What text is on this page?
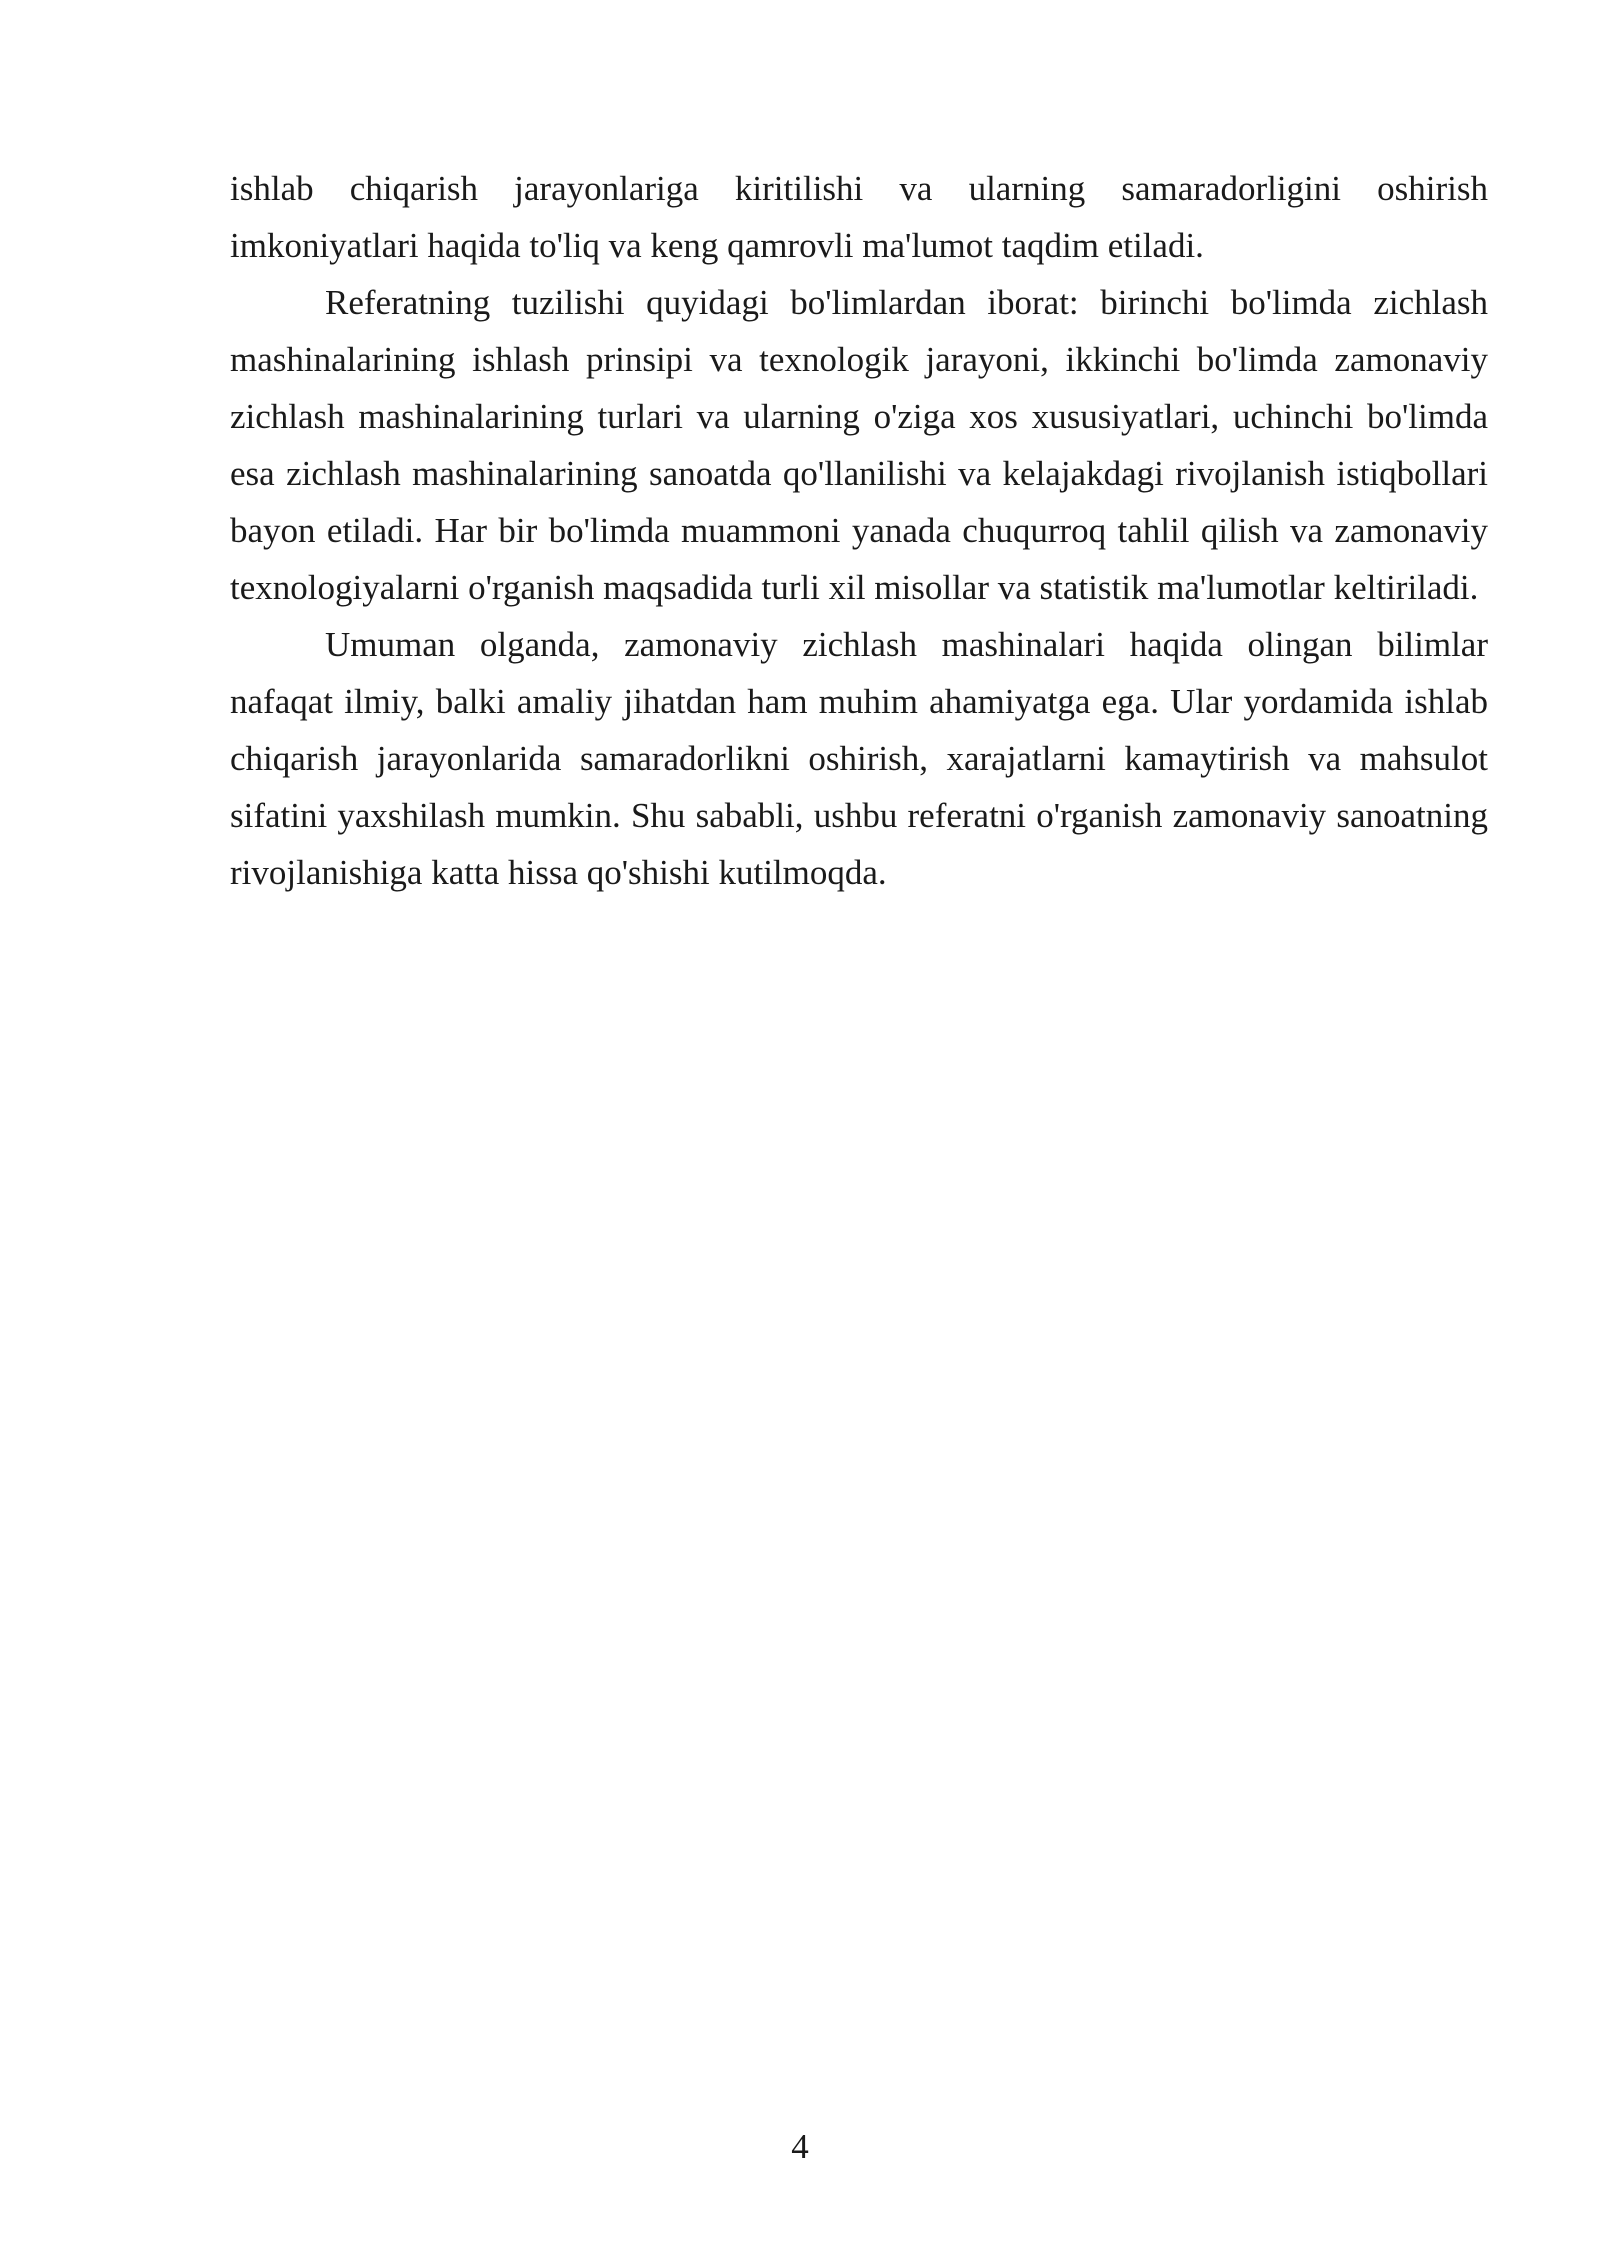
ishlab chiqarish jarayonlariga kiritilishi va ularning samaradorligini oshirish imkoniyatlari haqida to'liq va keng qamrovli ma'lumot taqdim etiladi.

Referatning tuzilishi quyidagi bo'limlardan iborat: birinchi bo'limda zichlash mashinalarining ishlash prinsipi va texnologik jarayoni, ikkinchi bo'limda zamonaviy zichlash mashinalarining turlari va ularning o'ziga xos xususiyatlari, uchinchi bo'limda esa zichlash mashinalarining sanoatda qo'llanilishi va kelajakdagi rivojlanish istiqbollari bayon etiladi. Har bir bo'limda muammoni yanada chuqurroq tahlil qilish va zamonaviy texnologiyalarni o'rganish maqsadida turli xil misollar va statistik ma'lumotlar keltiriladi.

Umuman olganda, zamonaviy zichlash mashinalari haqida olingan bilimlar nafaqat ilmiy, balki amaliy jihatdan ham muhim ahamiyatga ega. Ular yordamida ishlab chiqarish jarayonlarida samaradorlikni oshirish, xarajatlarni kamaytirish va mahsulot sifatini yaxshilash mumkin. Shu sababli, ushbu referatni o'rganish zamonaviy sanoatning rivojlanishiga katta hissa qo'shishi kutilmoqda.

4
